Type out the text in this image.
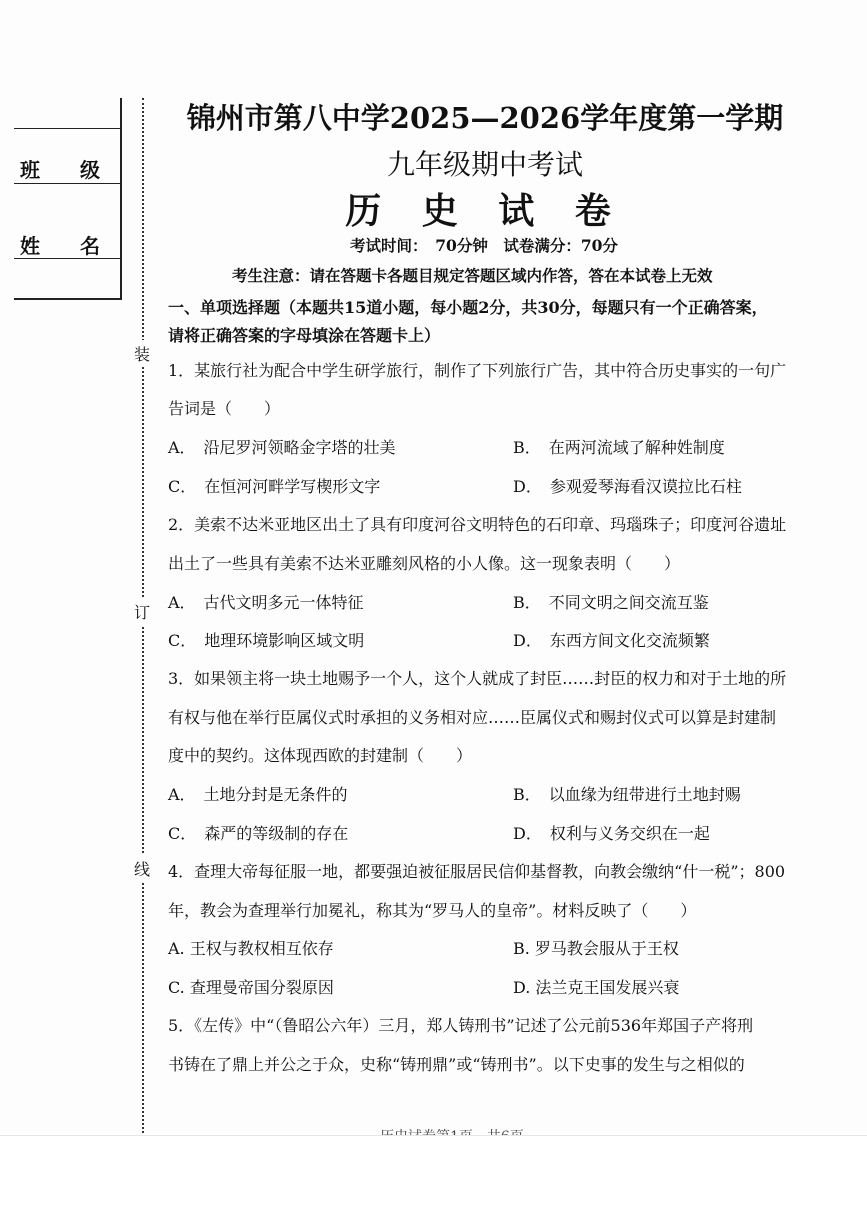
班　　级
姓　　名
装
订
线
锦州市第八中学2025—2026学年度第一学期
九年级期中考试
历 史 试 卷
考试时间：　70分钟　试卷满分：70分
考生注意：请在答题卡各题目规定答题区域内作答，答在本试卷上无效
一、单项选择题（本题共15道小题，每小题2分，共30分，每题只有一个正确答案，
请将正确答案的字母填涂在答题卡上）
1．某旅行社为配合中学生研学旅行，制作了下列旅行广告，其中符合历史事实的一句广
告词是（　　）
A．　沿尼罗河领略金字塔的壮美	B．　在两河流域了解种姓制度
C．　在恒河河畔学写楔形文字	D．　参观爱琴海看汉谟拉比石柱
2．美索不达米亚地区出土了具有印度河谷文明特色的石印章、玛瑙珠子；印度河谷遗址
出土了一些具有美索不达米亚雕刻风格的小人像。这一现象表明（　　）
A．　古代文明多元一体特征	B．　不同文明之间交流互鉴
C．　地理环境影响区域文明	D．　东西方间文化交流频繁
3．如果领主将一块土地赐予一个人，这个人就成了封臣……封臣的权力和对于土地的所
有权与他在举行臣属仪式时承担的义务相对应……臣属仪式和赐封仪式可以算是封建制
度中的契约。这体现西欧的封建制（　　）
A．　土地分封是无条件的	B．　以血缘为纽带进行土地封赐
C．　森严的等级制的存在	D．　权利与义务交织在一起
4．查理大帝每征服一地，都要强迫被征服居民信仰基督教，向教会缴纳“什一税”；800
年，教会为查理举行加冕礼，称其为“罗马人的皇帝”。材料反映了（　　）
A. 王权与教权相互依存	B. 罗马教会服从于王权
C. 查理曼帝国分裂原因	D. 法兰克王国发展兴衰
5．《左传》中“（鲁昭公六年）三月，郑人铸刑书”记述了公元前536年郑国子产将刑
书铸在了鼎上并公之于众，史称“铸刑鼎”或“铸刑书”。以下史事的发生与之相似的
